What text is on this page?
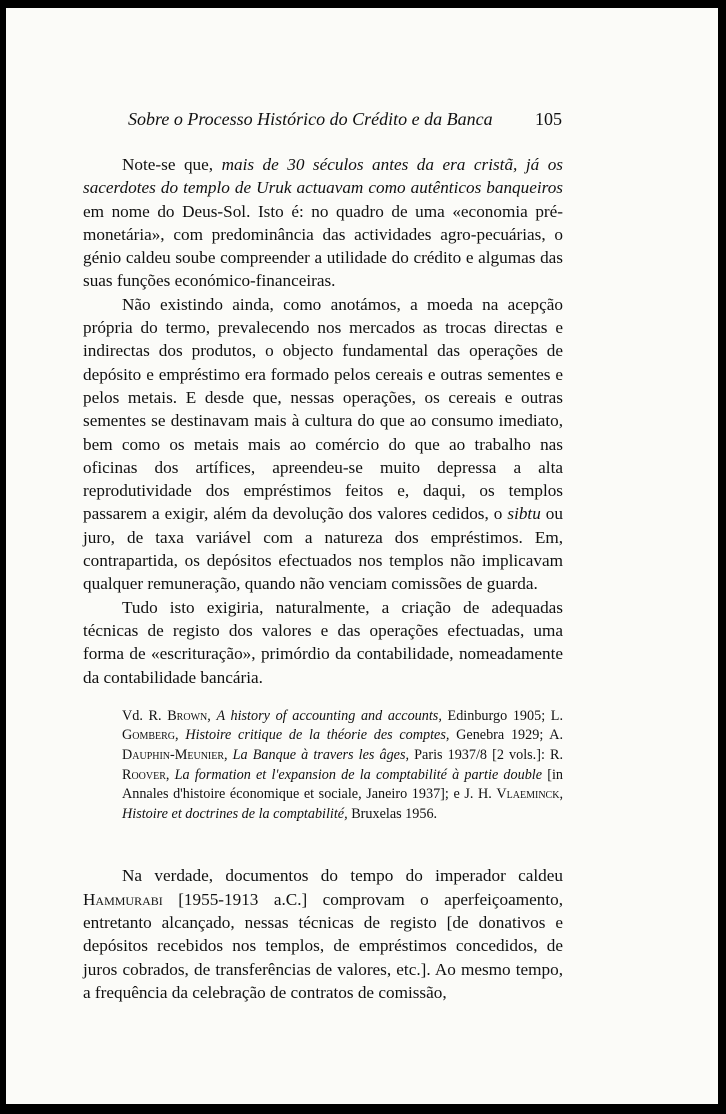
Sobre o Processo Histórico do Crédito e da Banca 105

Note-se que, mais de 30 séculos antes da era cristã, já os sacerdotes do templo de Uruk actuavam como autênticos banqueiros em nome do Deus-Sol. Isto é: no quadro de uma «economia pré-monetária», com predominância das actividades agro-pecuárias, o génio caldeu soube compreender a utilidade do crédito e algumas das suas funções económico-financeiras.

Não existindo ainda, como anotámos, a moeda na acepção própria do termo, prevalecendo nos mercados as trocas directas e indirectas dos produtos, o objecto fundamental das operações de depósito e empréstimo era formado pelos cereais e outras sementes e pelos metais. E desde que, nessas operações, os cereais e outras sementes se destinavam mais à cultura do que ao consumo imediato, bem como os metais mais ao comércio do que ao trabalho nas oficinas dos artífices, apreendeu-se muito depressa a alta reprodutividade dos empréstimos feitos e, daqui, os templos passarem a exigir, além da devolução dos valores cedidos, o sibtu ou juro, de taxa variável com a natureza dos empréstimos. Em, contrapartida, os depósitos efectuados nos templos não implicavam qualquer remuneração, quando não venciam comissões de guarda.

Tudo isto exigiria, naturalmente, a criação de adequadas técnicas de registo dos valores e das operações efectuadas, uma forma de «escrituração», primórdio da contabilidade, nomeadamente da contabilidade bancária.

Vd. R. Brown, A history of accounting and accounts, Edinburgo 1905; L. Gomberg, Histoire critique de la théorie des comptes, Genebra 1929; A. Dauphin-Meunier, La Banque à travers les âges, Paris 1937/8 [2 vols.]: R. Roover, La formation et l'expansion de la comptabilité à partie double [in Annales d'histoire économique et sociale, Janeiro 1937]; e J. H. Vlaeminck, Histoire et doctrines de la comptabilité, Bruxelas 1956.

Na verdade, documentos do tempo do imperador caldeu Hammurabi [1955-1913 a.C.] comprovam o aperfeiçoamento, entretanto alcançado, nessas técnicas de registo [de donativos e depósitos recebidos nos templos, de empréstimos concedidos, de juros cobrados, de transferências de valores, etc.]. Ao mesmo tempo, a frequência da celebração de contratos de comissão,
